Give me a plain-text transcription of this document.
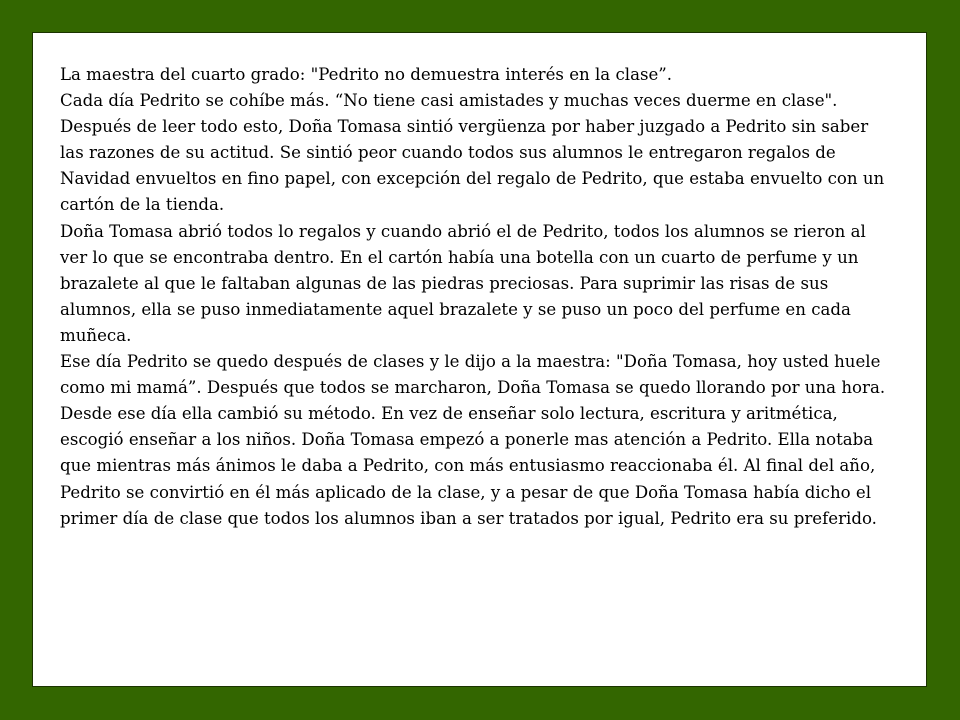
La maestra del cuarto grado: "Pedrito no demuestra interés en la clase”.

Cada día Pedrito se cohíbe más. “No tiene casi amistades y muchas veces duerme en clase".

Después de leer todo esto, Doña Tomasa sintió vergüenza por haber juzgado a Pedrito sin saber las razones de su actitud. Se sintió peor cuando todos sus alumnos le entregaron regalos de Navidad envueltos en fino papel, con excepción del regalo de Pedrito, que estaba envuelto con un cartón de la tienda.

Doña Tomasa abrió todos lo regalos y cuando abrió el de Pedrito, todos los alumnos se rieron al ver lo que se encontraba dentro. En el cartón había una botella con un cuarto de perfume y un brazalete al que le faltaban algunas de las piedras preciosas. Para suprimir las risas de sus alumnos, ella se puso inmediatamente aquel brazalete y se puso un poco del perfume en cada muñeca.

Ese día Pedrito se quedo después de clases y le dijo a la maestra: "Doña Tomasa, hoy usted huele como mi mamá”. Después que todos se marcharon, Doña Tomasa se quedo llorando por una hora.

Desde ese día ella cambió su método. En vez de enseñar solo lectura, escritura y aritmética, escogió enseñar a los niños. Doña Tomasa empezó a ponerle mas atención a Pedrito. Ella notaba que mientras más ánimos le daba a Pedrito, con más entusiasmo reaccionaba él. Al final del año, Pedrito se convirtió en él más aplicado de la clase, y a pesar de que Doña Tomasa había dicho el primer día de clase que todos los alumnos iban a ser tratados por igual, Pedrito era su preferido.
